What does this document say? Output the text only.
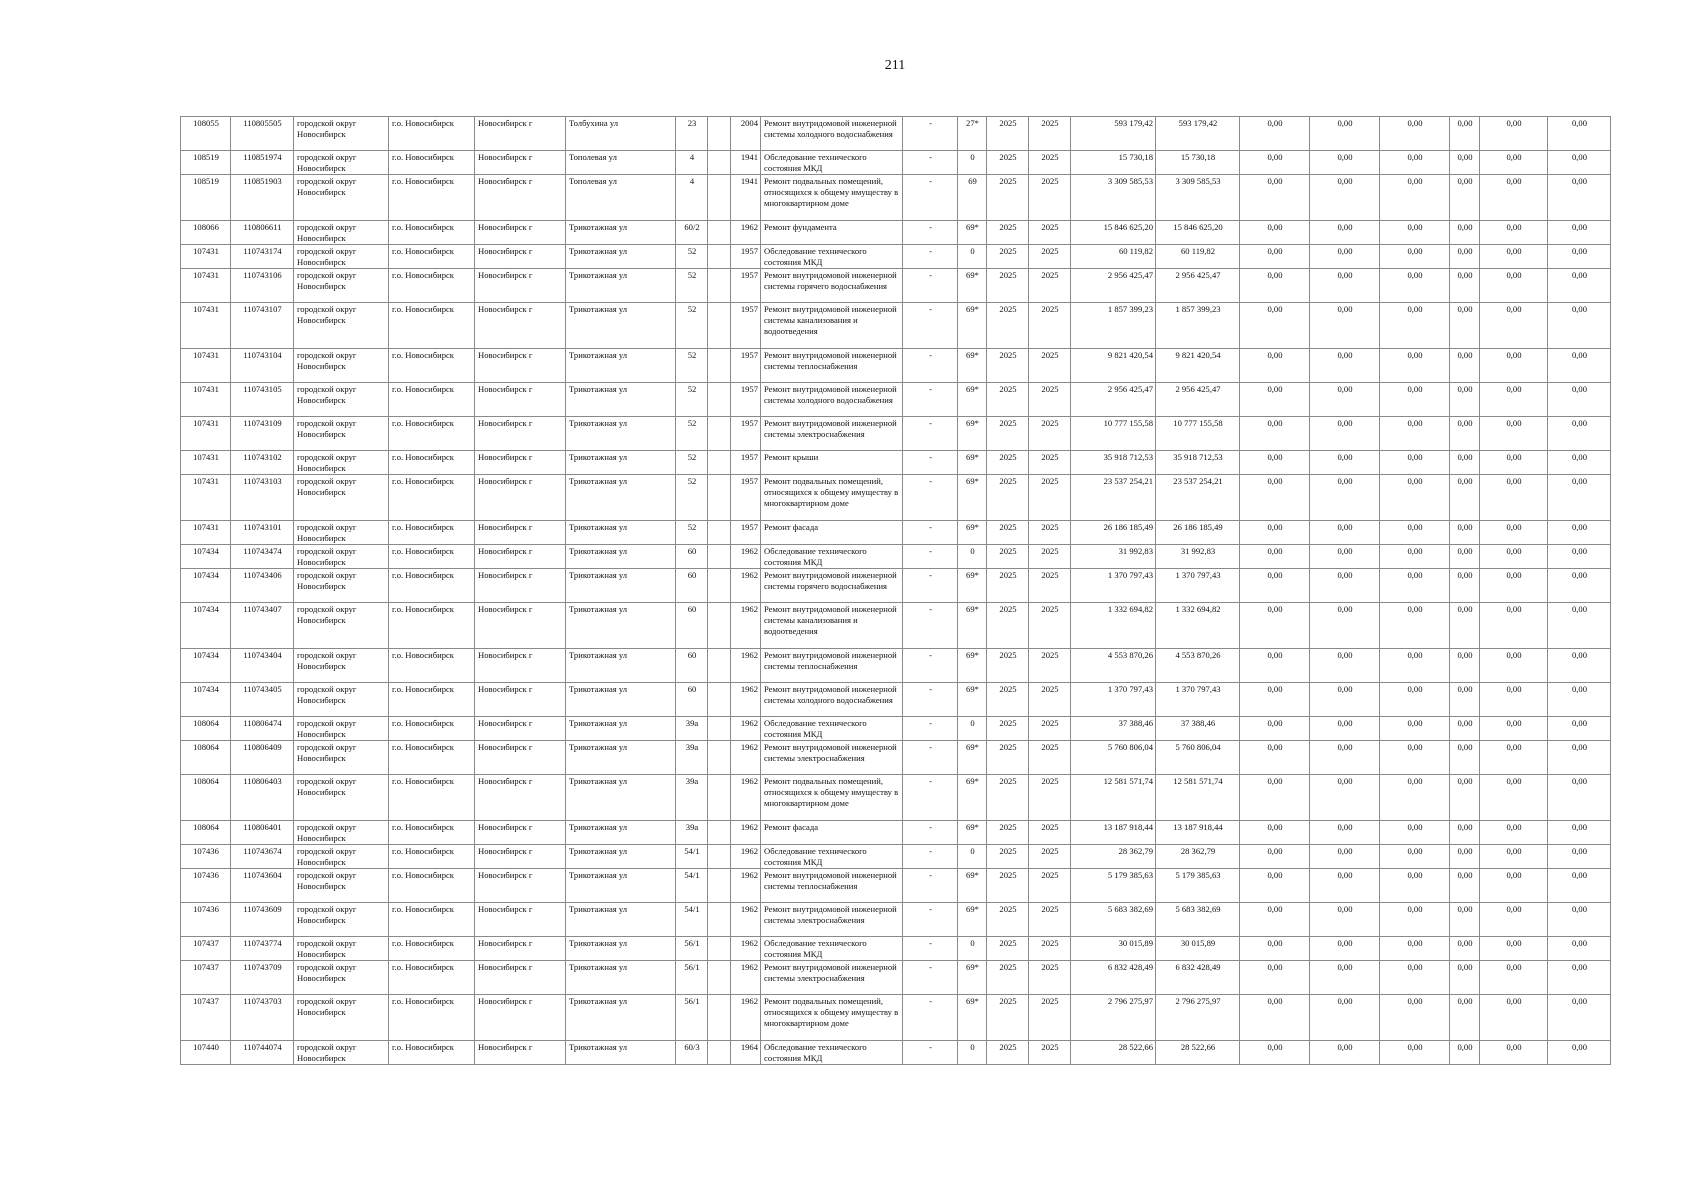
211
108055	110805505	городской округ Новосибирск	г.о. Новосибирск	Новосибирск г	Толбухина ул	23		2004	Ремонт внутридомовой инженерной системы холодного водоснабжения	-	27*	2025	2025	593 179,42	593 179,42	0,00	0,00	0,00	0,00	0,00	0,00
108519	110851974	городской округ Новосибирск	г.о. Новосибирск	Новосибирск г	Тополевая ул	4		1941	Обследование технического состояния МКД	-	0	2025	2025	15 730,18	15 730,18	0,00	0,00	0,00	0,00	0,00	0,00
108519	110851903	городской округ Новосибирск	г.о. Новосибирск	Новосибирск г	Тополевая ул	4		1941	Ремонт подвальных помещений, относящихся к общему имуществу в многоквартирном доме	-	69	2025	2025	3 309 585,53	3 309 585,53	0,00	0,00	0,00	0,00	0,00	0,00
108066	110806611	городской округ Новосибирск	г.о. Новосибирск	Новосибирск г	Трикотажная ул	60/2		1962	Ремонт фундамента	-	69*	2025	2025	15 846 625,20	15 846 625,20	0,00	0,00	0,00	0,00	0,00	0,00
107431	110743174	городской округ Новосибирск	г.о. Новосибирск	Новосибирск г	Трикотажная ул	52		1957	Обследование технического состояния МКД	-	0	2025	2025	60 119,82	60 119,82	0,00	0,00	0,00	0,00	0,00	0,00
107431	110743106	городской округ Новосибирск	г.о. Новосибирск	Новосибирск г	Трикотажная ул	52		1957	Ремонт внутридомовой инженерной системы горячего водоснабжения	-	69*	2025	2025	2 956 425,47	2 956 425,47	0,00	0,00	0,00	0,00	0,00	0,00
107431	110743107	городской округ Новосибирск	г.о. Новосибирск	Новосибирск г	Трикотажная ул	52		1957	Ремонт внутридомовой инженерной системы канализования и водоотведения	-	69*	2025	2025	1 857 399,23	1 857 399,23	0,00	0,00	0,00	0,00	0,00	0,00
107431	110743104	городской округ Новосибирск	г.о. Новосибирск	Новосибирск г	Трикотажная ул	52		1957	Ремонт внутридомовой инженерной системы теплоснабжения	-	69*	2025	2025	9 821 420,54	9 821 420,54	0,00	0,00	0,00	0,00	0,00	0,00
107431	110743105	городской округ Новосибирск	г.о. Новосибирск	Новосибирск г	Трикотажная ул	52		1957	Ремонт внутридомовой инженерной системы холодного водоснабжения	-	69*	2025	2025	2 956 425,47	2 956 425,47	0,00	0,00	0,00	0,00	0,00	0,00
107431	110743109	городской округ Новосибирск	г.о. Новосибирск	Новосибирск г	Трикотажная ул	52		1957	Ремонт внутридомовой инженерной системы электроснабжения	-	69*	2025	2025	10 777 155,58	10 777 155,58	0,00	0,00	0,00	0,00	0,00	0,00
107431	110743102	городской округ Новосибирск	г.о. Новосибирск	Новосибирск г	Трикотажная ул	52		1957	Ремонт крыши	-	69*	2025	2025	35 918 712,53	35 918 712,53	0,00	0,00	0,00	0,00	0,00	0,00
107431	110743103	городской округ Новосибирск	г.о. Новосибирск	Новосибирск г	Трикотажная ул	52		1957	Ремонт подвальных помещений, относящихся к общему имуществу в многоквартирном доме	-	69*	2025	2025	23 537 254,21	23 537 254,21	0,00	0,00	0,00	0,00	0,00	0,00
107431	110743101	городской округ Новосибирск	г.о. Новосибирск	Новосибирск г	Трикотажная ул	52		1957	Ремонт фасада	-	69*	2025	2025	26 186 185,49	26 186 185,49	0,00	0,00	0,00	0,00	0,00	0,00
107434	110743474	городской округ Новосибирск	г.о. Новосибирск	Новосибирск г	Трикотажная ул	60		1962	Обследование технического состояния МКД	-	0	2025	2025	31 992,83	31 992,83	0,00	0,00	0,00	0,00	0,00	0,00
107434	110743406	городской округ Новосибирск	г.о. Новосибирск	Новосибирск г	Трикотажная ул	60		1962	Ремонт внутридомовой инженерной системы горячего водоснабжения	-	69*	2025	2025	1 370 797,43	1 370 797,43	0,00	0,00	0,00	0,00	0,00	0,00
107434	110743407	городской округ Новосибирск	г.о. Новосибирск	Новосибирск г	Трикотажная ул	60		1962	Ремонт внутридомовой инженерной системы канализования и водоотведения	-	69*	2025	2025	1 332 694,82	1 332 694,82	0,00	0,00	0,00	0,00	0,00	0,00
107434	110743404	городской округ Новосибирск	г.о. Новосибирск	Новосибирск г	Трикотажная ул	60		1962	Ремонт внутридомовой инженерной системы теплоснабжения	-	69*	2025	2025	4 553 870,26	4 553 870,26	0,00	0,00	0,00	0,00	0,00	0,00
107434	110743405	городской округ Новосибирск	г.о. Новосибирск	Новосибирск г	Трикотажная ул	60		1962	Ремонт внутридомовой инженерной системы холодного водоснабжения	-	69*	2025	2025	1 370 797,43	1 370 797,43	0,00	0,00	0,00	0,00	0,00	0,00
108064	110806474	городской округ Новосибирск	г.о. Новосибирск	Новосибирск г	Трикотажная ул	39а		1962	Обследование технического состояния МКД	-	0	2025	2025	37 388,46	37 388,46	0,00	0,00	0,00	0,00	0,00	0,00
108064	110806409	городской округ Новосибирск	г.о. Новосибирск	Новосибирск г	Трикотажная ул	39а		1962	Ремонт внутридомовой инженерной системы электроснабжения	-	69*	2025	2025	5 760 806,04	5 760 806,04	0,00	0,00	0,00	0,00	0,00	0,00
108064	110806403	городской округ Новосибирск	г.о. Новосибирск	Новосибирск г	Трикотажная ул	39а		1962	Ремонт подвальных помещений, относящихся к общему имуществу в многоквартирном доме	-	69*	2025	2025	12 581 571,74	12 581 571,74	0,00	0,00	0,00	0,00	0,00	0,00
108064	110806401	городской округ Новосибирск	г.о. Новосибирск	Новосибирск г	Трикотажная ул	39а		1962	Ремонт фасада	-	69*	2025	2025	13 187 918,44	13 187 918,44	0,00	0,00	0,00	0,00	0,00	0,00
107436	110743674	городской округ Новосибирск	г.о. Новосибирск	Новосибирск г	Трикотажная ул	54/1		1962	Обследование технического состояния МКД	-	0	2025	2025	28 362,79	28 362,79	0,00	0,00	0,00	0,00	0,00	0,00
107436	110743604	городской округ Новосибирск	г.о. Новосибирск	Новосибирск г	Трикотажная ул	54/1		1962	Ремонт внутридомовой инженерной системы теплоснабжения	-	69*	2025	2025	5 179 385,63	5 179 385,63	0,00	0,00	0,00	0,00	0,00	0,00
107436	110743609	городской округ Новосибирск	г.о. Новосибирск	Новосибирск г	Трикотажная ул	54/1		1962	Ремонт внутридомовой инженерной системы электроснабжения	-	69*	2025	2025	5 683 382,69	5 683 382,69	0,00	0,00	0,00	0,00	0,00	0,00
107437	110743774	городской округ Новосибирск	г.о. Новосибирск	Новосибирск г	Трикотажная ул	56/1		1962	Обследование технического состояния МКД	-	0	2025	2025	30 015,89	30 015,89	0,00	0,00	0,00	0,00	0,00	0,00
107437	110743709	городской округ Новосибирск	г.о. Новосибирск	Новосибирск г	Трикотажная ул	56/1		1962	Ремонт внутридомовой инженерной системы электроснабжения	-	69*	2025	2025	6 832 428,49	6 832 428,49	0,00	0,00	0,00	0,00	0,00	0,00
107437	110743703	городской округ Новосибирск	г.о. Новосибирск	Новосибирск г	Трикотажная ул	56/1		1962	Ремонт подвальных помещений, относящихся к общему имуществу в многоквартирном доме	-	69*	2025	2025	2 796 275,97	2 796 275,97	0,00	0,00	0,00	0,00	0,00	0,00
107440	110744074	городской округ Новосибирск	г.о. Новосибирск	Новосибирск г	Трикотажная ул	60/3		1964	Обследование технического состояния МКД	-	0	2025	2025	28 522,66	28 522,66	0,00	0,00	0,00	0,00	0,00	0,00
